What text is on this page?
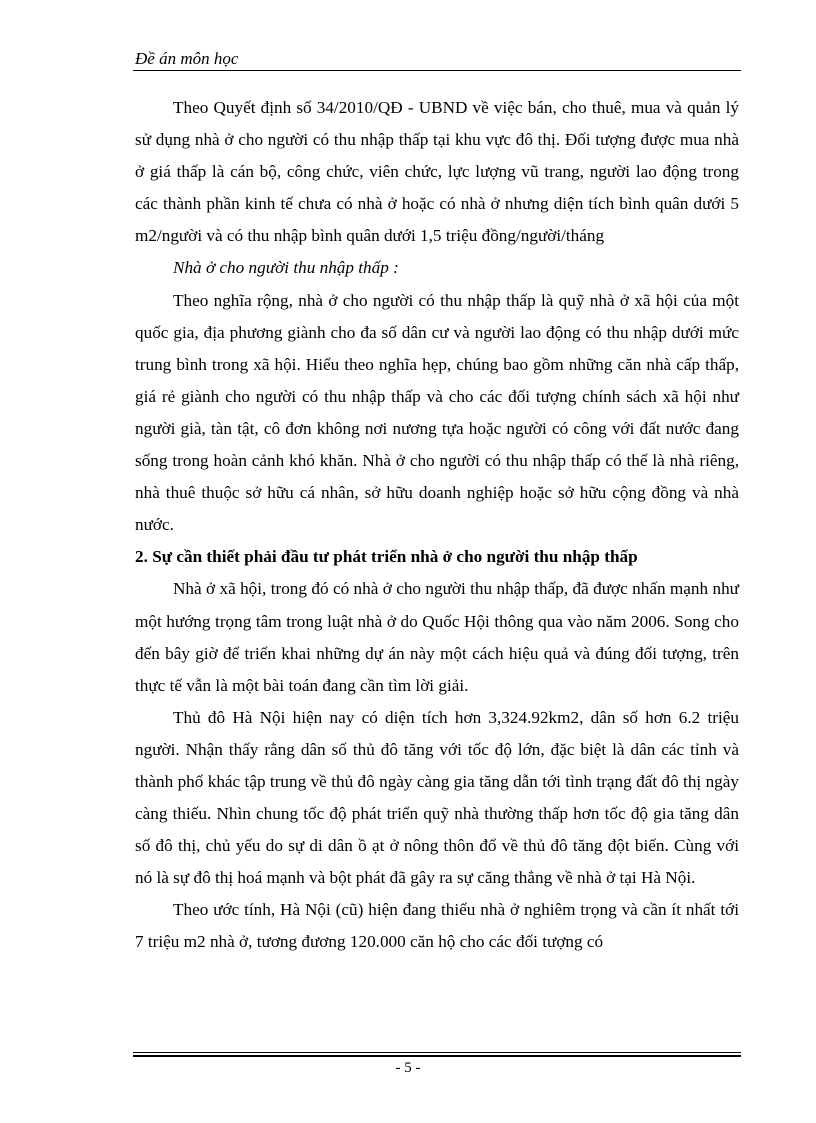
Đề án môn học

Theo Quyết định số 34/2010/QĐ - UBND về việc bán, cho thuê, mua và quản lý sử dụng nhà ở cho người có thu nhập thấp tại khu vực đô thị. Đối tượng được mua nhà ở giá thấp là cán bộ, công chức, viên chức, lực lượng vũ trang, người lao động trong các thành phần kinh tế chưa có nhà ở hoặc có nhà ở nhưng diện tích bình quân dưới 5 m2/người và có thu nhập bình quân dưới 1,5 triệu đồng/người/tháng

Nhà ở cho người thu nhập thấp :

Theo nghĩa rộng, nhà ở cho người có thu nhập thấp là quỹ nhà ở xã hội của một quốc gia, địa phương giành cho đa số dân cư và người lao động có thu nhập dưới mức trung bình trong xã hội. Hiểu theo nghĩa hẹp, chúng bao gồm những căn nhà cấp thấp, giá rẻ giành cho người có thu nhập thấp và cho các đối tượng chính sách xã hội như người già, tàn tật, cô đơn không nơi nương tựa hoặc người có công với đất nước đang sống trong hoàn cảnh khó khăn. Nhà ở cho người có thu nhập thấp có thể là nhà riêng, nhà thuê thuộc sở hữu cá nhân, sở hữu doanh nghiệp hoặc sở hữu cộng đồng và nhà nước.

2. Sự cần thiết phải đầu tư phát triển nhà ở cho người thu nhập thấp

Nhà ở xã hội, trong đó có nhà ở cho người thu nhập thấp, đã được nhấn mạnh như một hướng trọng tâm trong luật nhà ở do Quốc Hội thông qua vào năm 2006. Song cho đến bây giờ để triển khai những dự án này một cách hiệu quả và đúng đối tượng, trên thực tế vẫn là một bài toán đang cần tìm lời giải.

Thủ đô Hà Nội hiện nay có diện tích hơn 3,324.92km2, dân số hơn 6.2 triệu người. Nhận thấy rằng dân số thủ đô tăng với tốc độ lớn, đặc biệt là dân các tỉnh và thành phố khác tập trung về thủ đô ngày càng gia tăng dẫn tới tình trạng đất đô thị ngày càng thiếu. Nhìn chung tốc độ phát triển quỹ nhà thường thấp hơn tốc độ gia tăng dân số đô thị, chủ yếu do sự di dân ồ ạt ở nông thôn đổ về thủ đô tăng đột biến. Cùng với nó là sự đô thị hoá mạnh và bột phát đã gây ra sự căng thẳng về nhà ở tại Hà Nội.

Theo ước tính, Hà Nội (cũ) hiện đang thiếu nhà ở nghiêm trọng và cần ít nhất tới 7 triệu m2 nhà ở, tương đương 120.000 căn hộ cho các đối tượng có

- 5 -
